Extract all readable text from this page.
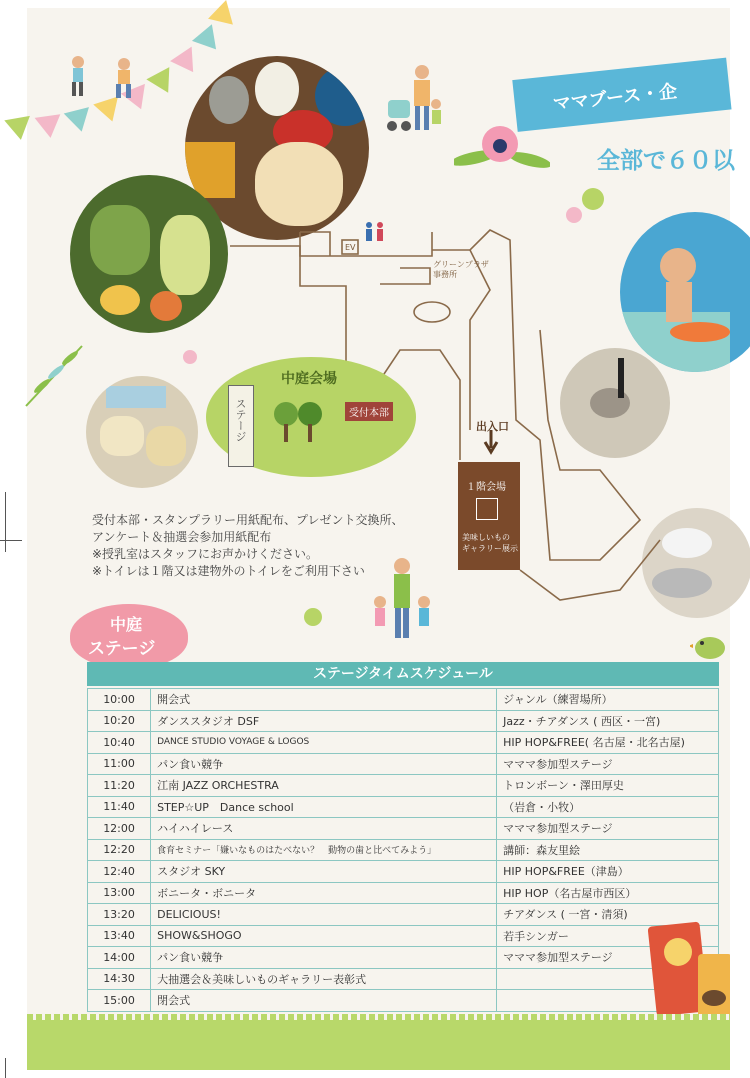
ママブース・企
全部で６０以
EV
グリーンプラザ事務所
中庭会場
ステージ	受付本部
出入口
１階会場
美味しいもの ギャラリー展示
受付本部・スタンプラリー用紙配布、プレゼント交換所、
アンケート＆抽選会参加用紙配布
※授乳室はスタッフにお声かけください。
※トイレは１階又は建物外のトイレをご利用下さい
中庭
ステージ
ステージタイムスケジュール
10:00	開会式	ジャンル（練習場所）
10:20	ダンススタジオ DSF	Jazz・チアダンス ( 西区・一宮)
10:40	DANCE STUDIO VOYAGE & LOGOS	HIP HOP&FREE( 名古屋・北名古屋)
11:00	パン食い競争	マママ参加型ステージ
11:20	江南 JAZZ ORCHESTRA	トロンボーン・澤田厚史
11:40	STEP☆UP　Dance school	（岩倉・小牧）
12:00	ハイハイレース	マママ参加型ステージ
12:20	食育セミナー「嫌いなものはたべない？　動物の歯と比べてみよう」	講師：森友里絵
12:40	スタジオ SKY	HIP HOP&FREE（津島）
13:00	ボニータ・ボニータ	HIP HOP（名古屋市西区）
13:20	DELICIOUS!	チアダンス ( 一宮・清須)
13:40	SHOW&SHOGO	若手シンガー
14:00	パン食い競争	マママ参加型ステージ
14:30	大抽選会＆美味しいものギャラリー表彰式	
15:00	閉会式	
